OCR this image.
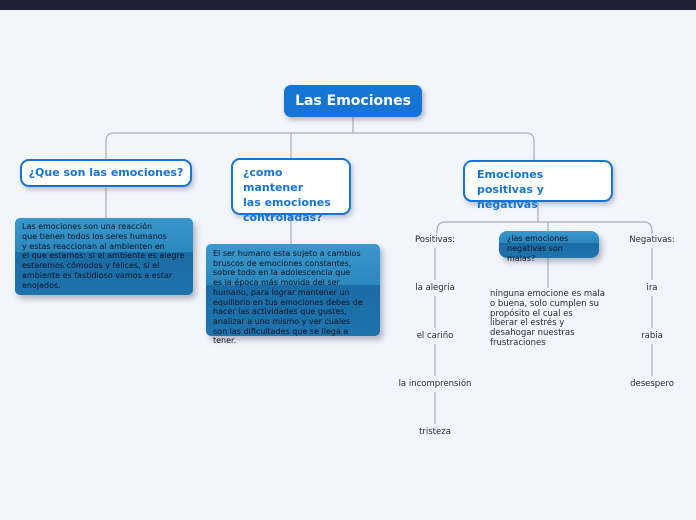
Las Emociones
¿Que son las emociones?	¿como mantener
las emociones
controladas?
Emociones positivas y
negativas
Las emociones son una reacción
que tienen todos los seres humanos
y estas reaccionan al ambienten en
el que estamos: si el ambiente es alegre
estaremos cómodos y felices, si el
ambiente es fastidioso vamos a estar
enojados.
El ser humano esta sujeto a cambios
bruscos de emociones constantes,
sobre todo en la adolescencia que
es la época más movida del ser
humano, para lograr mantener un
equilibrio en tus emociones debes de
hacer las actividades que gustes,
analizar a uno mismo y ver cuales
son las dificultades que se llega a tener.
Positivas:	¿las emociones
negativas son malas?
Negativas:
la alegría
el cariño
la incomprensión
tristeza
ninguna emocione es mala
o buena, solo cumplen su
propósito el cual es
liberar el estrés y
desahogar nuestras
frustraciones
ira
rabia
desespero
